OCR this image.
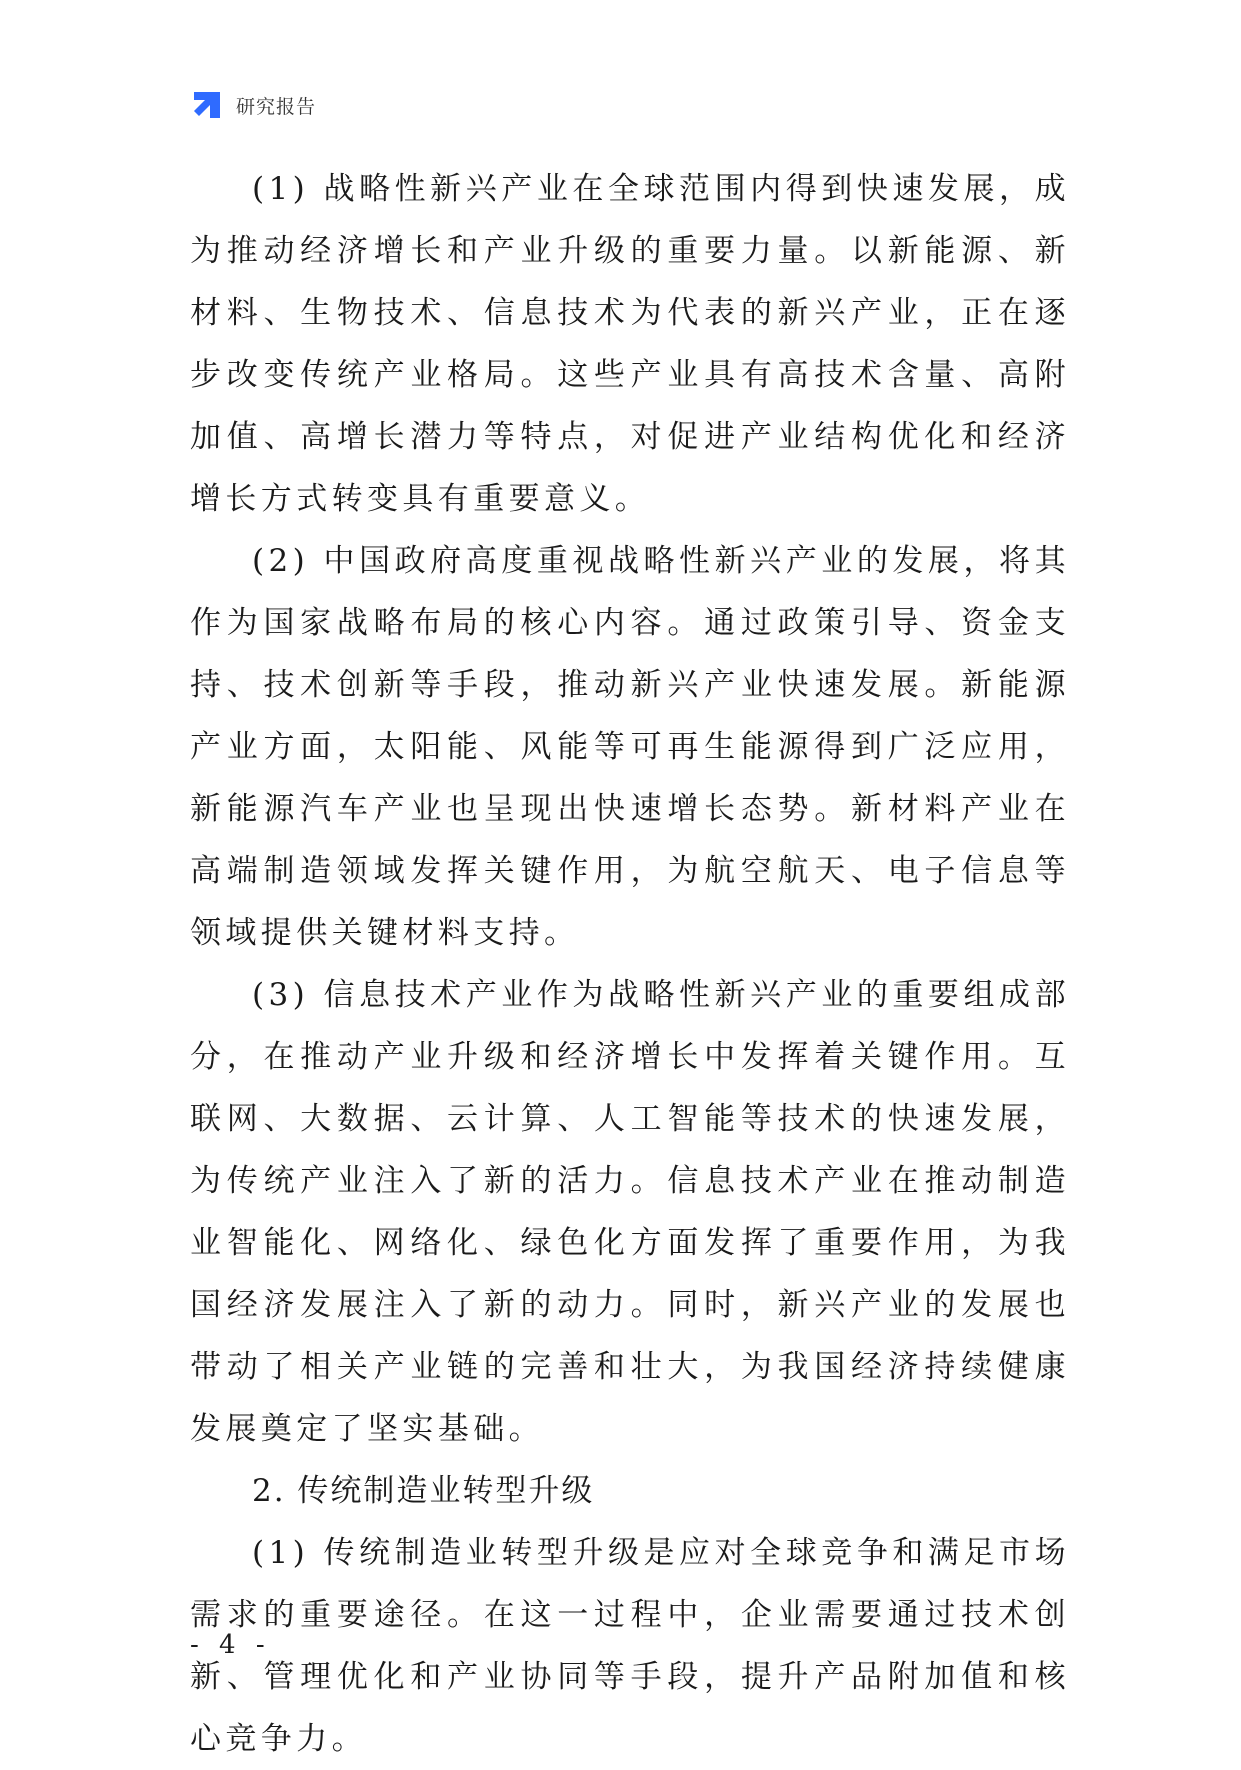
研究报告

(1) 战略性新兴产业在全球范围内得到快速发展，成为推动经济增长和产业升级的重要力量。以新能源、新材料、生物技术、信息技术为代表的新兴产业，正在逐步改变传统产业格局。这些产业具有高技术含量、高附加值、高增长潜力等特点，对促进产业结构优化和经济增长方式转变具有重要意义。

(2) 中国政府高度重视战略性新兴产业的发展，将其作为国家战略布局的核心内容。通过政策引导、资金支持、技术创新等手段，推动新兴产业快速发展。新能源产业方面，太阳能、风能等可再生能源得到广泛应用，新能源汽车产业也呈现出快速增长态势。新材料产业在高端制造领域发挥关键作用，为航空航天、电子信息等领域提供关键材料支持。

(3) 信息技术产业作为战略性新兴产业的重要组成部分，在推动产业升级和经济增长中发挥着关键作用。互联网、大数据、云计算、人工智能等技术的快速发展，为传统产业注入了新的活力。信息技术产业在推动制造业智能化、网络化、绿色化方面发挥了重要作用，为我国经济发展注入了新的动力。同时，新兴产业的发展也带动了相关产业链的完善和壮大，为我国经济持续健康发展奠定了坚实基础。

2. 传统制造业转型升级

(1) 传统制造业转型升级是应对全球竞争和满足市场需求的重要途径。在这一过程中，企业需要通过技术创新、管理优化和产业协同等手段，提升产品附加值和核心竞争力。

- 4 -
